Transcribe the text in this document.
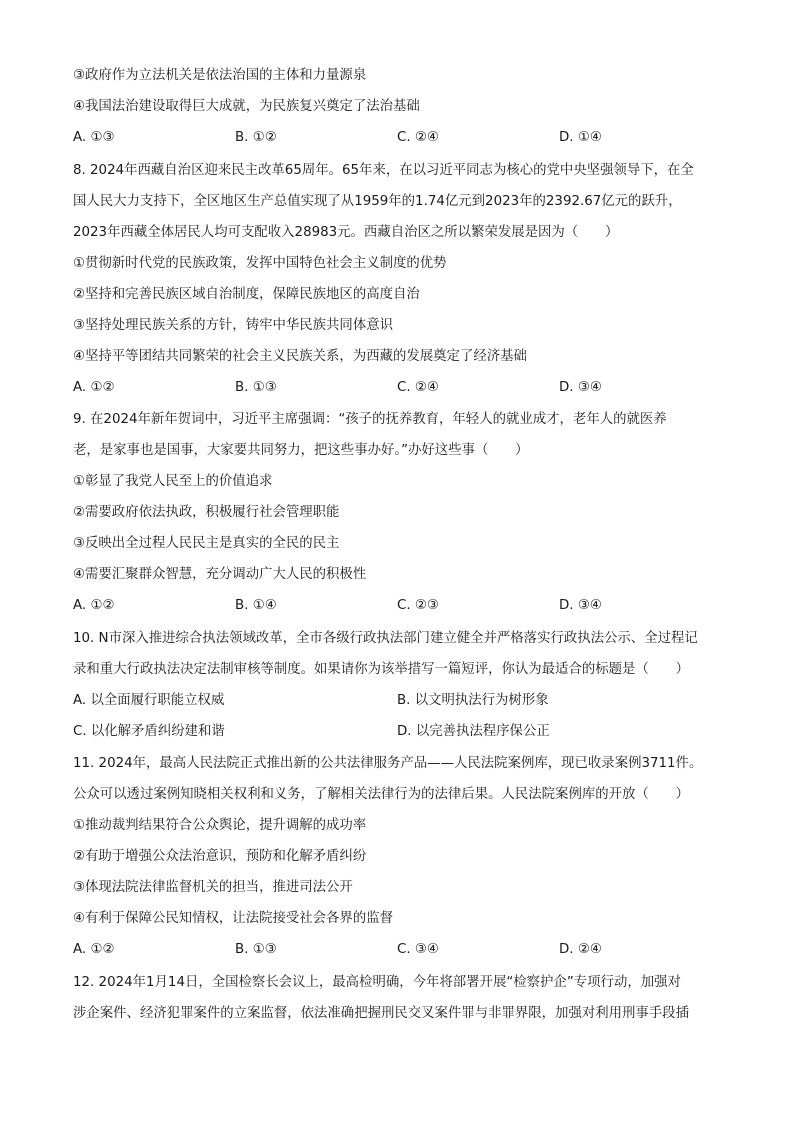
③政府作为立法机关是依法治国的主体和力量源泉
④我国法治建设取得巨大成就，为民族复兴奠定了法治基础
A. ①③	B. ①②	C. ②④	D. ①④
8. 2024年西藏自治区迎来民主改革65周年。65年来，在以习近平同志为核心的党中央坚强领导下，在全
国人民大力支持下，全区地区生产总值实现了从1959年的1.74亿元到2023年的2392.67亿元的跃升，
2023年西藏全体居民人均可支配收入28983元。西藏自治区之所以繁荣发展是因为（　　）
①贯彻新时代党的民族政策，发挥中国特色社会主义制度的优势
②坚持和完善民族区域自治制度，保障民族地区的高度自治
③坚持处理民族关系的方针，铸牢中华民族共同体意识
④坚持平等团结共同繁荣的社会主义民族关系，为西藏的发展奠定了经济基础
A. ①②	B. ①③	C. ②④	D. ③④
9. 在2024年新年贺词中，习近平主席强调：“孩子的抚养教育，年轻人的就业成才，老年人的就医养
老，是家事也是国事，大家要共同努力，把这些事办好。”办好这些事（　　）
①彰显了我党人民至上的价值追求
②需要政府依法执政，积极履行社会管理职能
③反映出全过程人民民主是真实的全民的民主
④需要汇聚群众智慧，充分调动广大人民的积极性
A. ①②	B. ①④	C. ②③	D. ③④
10. N市深入推进综合执法领域改革，全市各级行政执法部门建立健全并严格落实行政执法公示、全过程记
录和重大行政执法决定法制审核等制度。如果请你为该举措写一篇短评，你认为最适合的标题是（　　）
A. 以全面履行职能立权威	B. 以文明执法行为树形象
C. 以化解矛盾纠纷建和谐	D. 以完善执法程序保公正
11. 2024年，最高人民法院正式推出新的公共法律服务产品——人民法院案例库，现已收录案例3711件。
公众可以透过案例知晓相关权利和义务，了解相关法律行为的法律后果。人民法院案例库的开放（　　）
①推动裁判结果符合公众舆论，提升调解的成功率
②有助于增强公众法治意识，预防和化解矛盾纠纷
③体现法院法律监督机关的担当，推进司法公开
④有利于保障公民知情权，让法院接受社会各界的监督
A. ①②	B. ①③	C. ③④	D. ②④
12. 2024年1月14日，全国检察长会议上，最高检明确，今年将部署开展“检察护企”专项行动，加强对
涉企案件、经济犯罪案件的立案监督，依法准确把握刑民交叉案件罪与非罪界限，加强对利用刑事手段插
